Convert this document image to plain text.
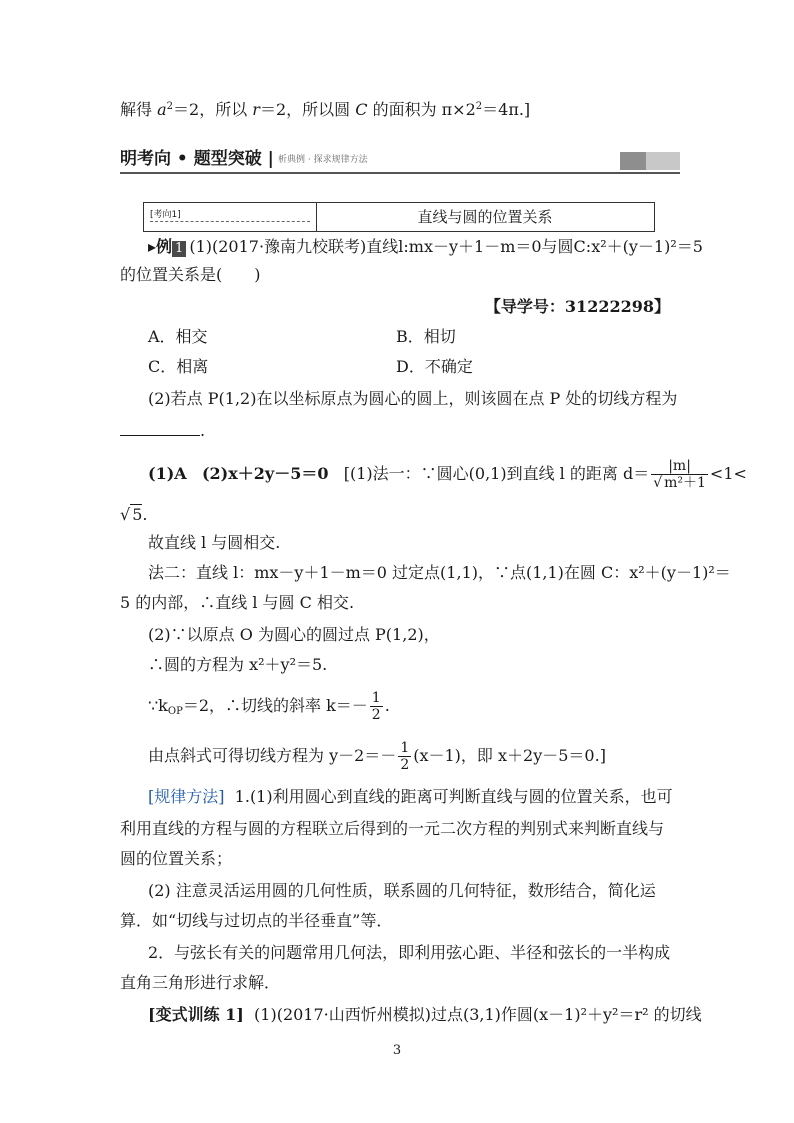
解得 $a^2=2$，所以 r＝2，所以圆 C 的面积为 $\pi\times 2^2=4\pi$.]
明考向 • 题型突破 | 析典例 · 探求规律方法
[考向1]	直线与圆的位置关系
▸例 1 (1)(2017·豫南九校联考)直线l:mx－y＋1－m＝0与圆C:x²＋(y－1)²＝5
的位置关系是(　　)
【导学号：31222298】
A．相交	B．相切
C．相离	D．不确定
(2)若点 P(1,2)在以坐标原点为圆心的圆上，则该圆在点 P 处的切线方程为
.
(1)A (2)x＋2y－5＝0 [(1)法一：∵圆心(0,1)到直线 l 的距离 $d= \frac{|m|}{\text{√ m²＋1}} <1<$
√ 5.
故直线 l 与圆相交.
法二：直线 l：mx－y＋1－m＝0 过定点(1,1)，∵点(1,1)在圆 C：x²＋(y－1)²＝
5 的内部，∴直线 l 与圆 C 相交.
(2)∵以原点 O 为圆心的圆过点 P(1,2)，
∴圆的方程为 x²＋y²＝5.
$\because k_{OP}=2$，∴切线的斜率 $k=- \frac{1}{2}$ .
由点斜式可得切线方程为 $y-2=- \frac{1}{2} (x-1)$，即 x＋2y－5＝0.]
[规律方法] 1.(1)利用圆心到直线的距离可判断直线与圆的位置关系，也可
利用直线的方程与圆的方程联立后得到的一元二次方程的判别式来判断直线与
圆的位置关系；
(2) 注意灵活运用圆的几何性质，联系圆的几何特征，数形结合，简化运
算．如“切线与过切点的半径垂直”等．
2．与弦长有关的问题常用几何法，即利用弦心距、半径和弦长的一半构成
直角三角形进行求解．
[变式训练 1] (1)(2017·山西忻州模拟)过点(3,1)作圆(x－1)²＋y²＝r² 的切线
3
